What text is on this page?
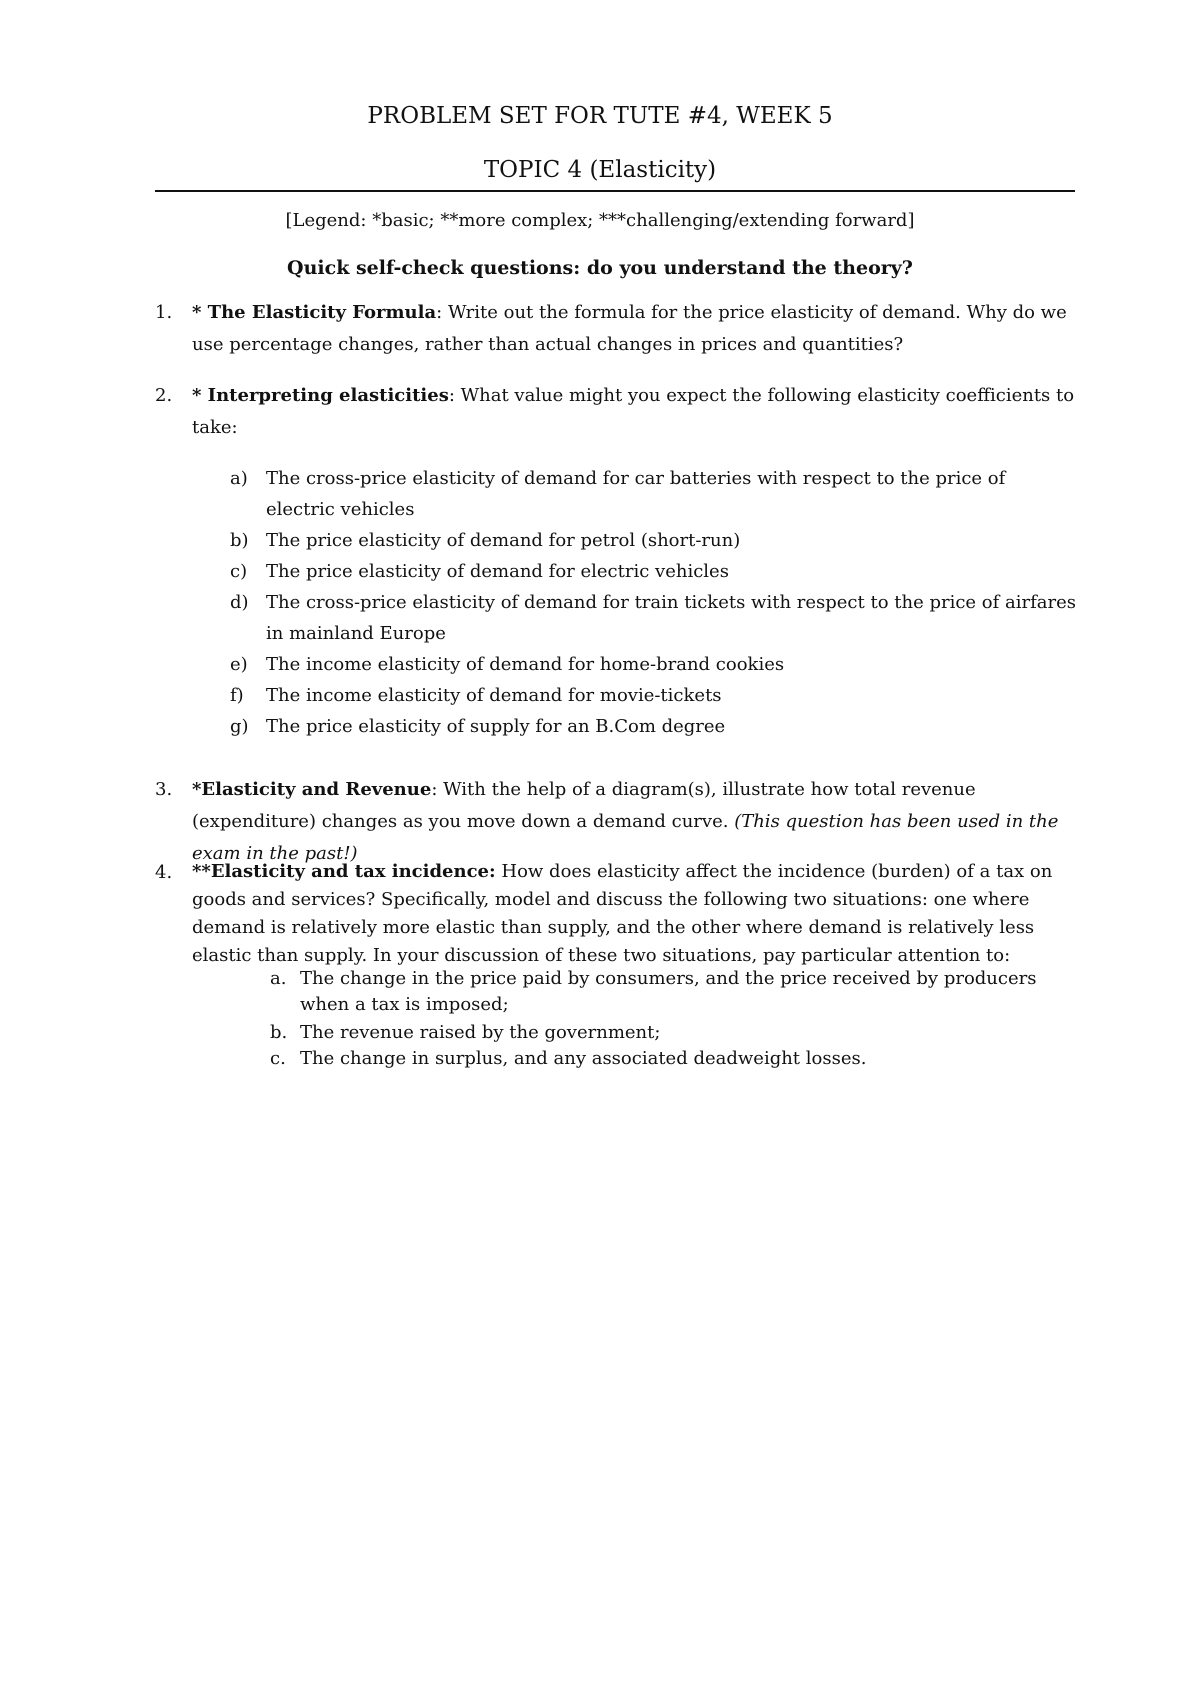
PROBLEM SET FOR TUTE #4, WEEK 5
TOPIC 4 (Elasticity)
[Legend: *basic; **more complex; ***challenging/extending forward]
Quick self-check questions: do you understand the theory?
1. * The Elasticity Formula: Write out the formula for the price elasticity of demand. Why do we use percentage changes, rather than actual changes in prices and quantities?
2. * Interpreting elasticities: What value might you expect the following elasticity coefficients to take:
a) The cross-price elasticity of demand for car batteries with respect to the price of electric vehicles
b) The price elasticity of demand for petrol (short-run)
c) The price elasticity of demand for electric vehicles
d) The cross-price elasticity of demand for train tickets with respect to the price of airfares in mainland Europe
e) The income elasticity of demand for home-brand cookies
f) The income elasticity of demand for movie-tickets
g) The price elasticity of supply for an B.Com degree
3. *Elasticity and Revenue: With the help of a diagram(s), illustrate how total revenue (expenditure) changes as you move down a demand curve. (This question has been used in the exam in the past!)
4. **Elasticity and tax incidence: How does elasticity affect the incidence (burden) of a tax on goods and services? Specifically, model and discuss the following two situations: one where demand is relatively more elastic than supply, and the other where demand is relatively less elastic than supply. In your discussion of these two situations, pay particular attention to:
a. The change in the price paid by consumers, and the price received by producers when a tax is imposed;
b. The revenue raised by the government;
c. The change in surplus, and any associated deadweight losses.
